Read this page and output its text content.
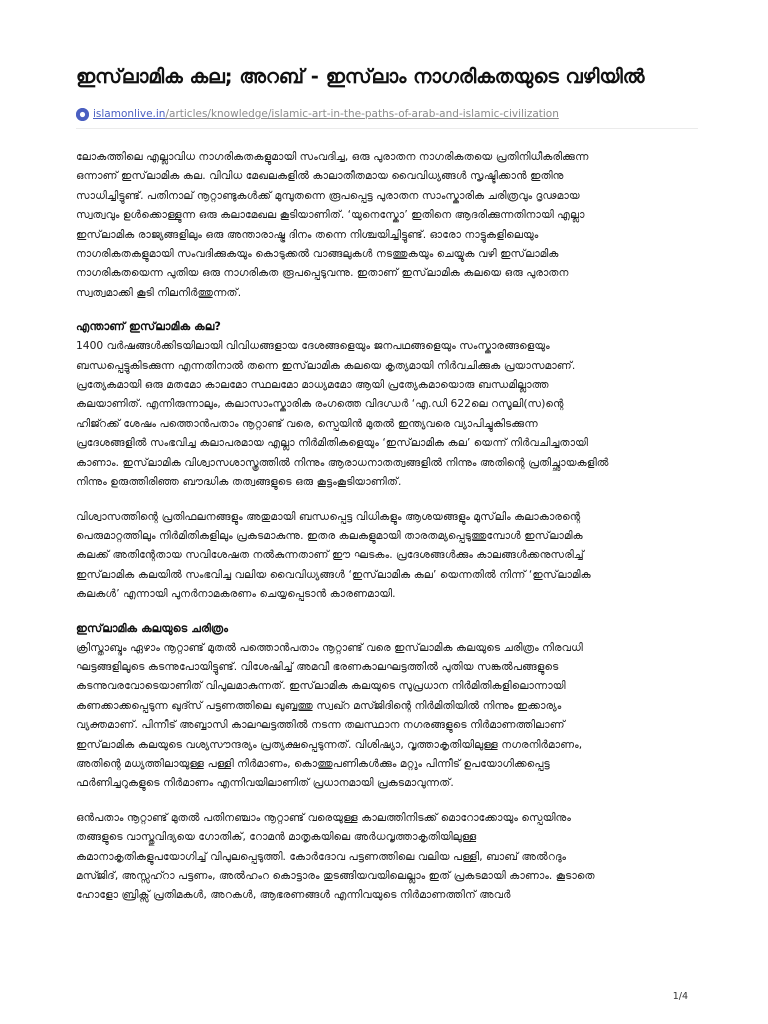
ഇസ്‌ലാമിക കല; അറബ് - ഇസ്‌ലാം നാഗരികതയുടെ വഴിയിൽ
islamonlive.in /articles/knowledge/islamic-art-in-the-paths-of-arab-and-islamic-civilization

ലോകത്തിലെ എല്ലാവിധ നാഗരികതകളുമായി സംവദിച്ച, ഒരു പുരാതന നാഗരികതയെ പ്രതിനിധീകരിക്കുന്ന
ഒന്നാണ് ഇസ്‌ലാമിക കല. വിവിധ മേഖലകളിൽ കാലാതീതമായ വൈവിധ്യങ്ങൾ സൃഷ്ടിക്കാൻ ഇതിനു
സാധിച്ചിട്ടുണ്ട്. പതിനാല് നൂറ്റാണ്ടുകൾക്ക് മുമ്പുതന്നെ രൂപപ്പെട്ട പുരാതന സാംസ്കാരിക ചരിത്രവും ദൃഢമായ
സ്വത്വവും ഉൾക്കൊള്ളുന്ന ഒരു കലാമേഖല കൂടിയാണിത്. ‘യുനെസ്കോ’ ഇതിനെ ആദരിക്കുന്നതിനായി എല്ലാ
ഇസ്‌ലാമിക രാജ്യങ്ങളിലും ഒരു അന്താരാഷ്ട്ര ദിനം തന്നെ നിശ്ചയിച്ചിട്ടുണ്ട്. ഓരോ നാട്ടുകളിലെയും
നാഗരികതകളുമായി സംവദിക്കുകയും കൊടുക്കൽ വാങ്ങലുകൾ നടത്തുകയും ചെയ്യുക വഴി ഇസ്‌ലാമിക
നാഗരികതയെന്ന പുതിയ ഒരു നാഗരികത രൂപപ്പെടുവന്നു. ഇതാണ് ഇസ്‌ലാമിക കലയെ ഒരു പുരാതന
സ്വത്വമാക്കി കൂടി നിലനിർത്തുന്നത്.

എന്താണ് ഇസ്‌ലാമിക കല?

1400 വർഷങ്ങൾക്കിടയിലായി വിവിധങ്ങളായ ദേശങ്ങളെയും ജനപഥങ്ങളെയും സംസ്കാരങ്ങളെയും
ബന്ധപ്പെട്ടുകിടക്കുന്ന എന്നതിനാൽ തന്നെ ഇസ്‌ലാമിക കലയെ കൃത്യമായി നിർവചിക്കുക പ്രയാസമാണ്.
പ്രത്യേകമായി ഒരു മതമോ കാലമോ സ്ഥലമോ മാധ്യമമോ ആയി പ്രത്യേകമായൊരു ബന്ധമില്ലാത്ത
കലയാണിത്. എന്നിരുന്നാലും, കലാസാംസ്കാരിക രംഗത്തെ വിദഗ്ധർ ‘എ.ഡി 622ലെ റസൂലി(സ)ന്റെ
ഹിജ്റക്ക് ശേഷം പത്തൊൻപതാം നൂറ്റാണ്ട് വരെ, സ്പെയിൻ മുതൽ ഇന്ത്യവരെ വ്യാപിച്ചുകിടക്കുന്ന
പ്രദേശങ്ങളിൽ സംഭവിച്ച കലാപരമായ എല്ലാ നിർമിതികളെയും ‘ഇസ്‌ലാമിക കല’ യെന്ന് നിർവചിച്ചതായി
കാണാം. ഇസ്‌ലാമിക വിശ്വാസശാസ്ത്രത്തിൽ നിന്നും ആരാധനാതത്വങ്ങളിൽ നിന്നും അതിന്റെ പ്രതിച്ഛായകളിൽ
നിന്നും ഉരുത്തിരിഞ്ഞ ബൗദ്ധിക തത്വങ്ങളുടെ ഒരു കൂട്ടംകൂടിയാണിത്.

വിശ്വാസത്തിന്റെ പ്രതിഫലനങ്ങളും അതുമായി ബന്ധപ്പെട്ട വിധികളും ആശയങ്ങളും മുസ്‌ലിം കലാകാരന്റെ
പെരുമാറ്റത്തിലും നിർമിതികളിലും പ്രകടമാകുന്നു. ഇതര കലകളുമായി താരതമ്യപ്പെടുത്തുമ്പോൾ ഇസ്‌ലാമിക
കലക്ക് അതിന്റേതായ സവിശേഷത നൽകുന്നതാണ് ഈ ഘടകം. പ്രദേശങ്ങൾക്കും കാലങ്ങൾക്കനുസരിച്ച്
ഇസ്‌ലാമിക കലയിൽ സംഭവിച്ച വലിയ വൈവിധ്യങ്ങൾ ‘ഇസ്‌ലാമിക കല’ യെന്നതിൽ നിന്ന് ‘ഇസ്‌ലാമിക
കലകൾ’ എന്നായി പുനർനാമകരണം ചെയ്യപ്പെടാൻ കാരണമായി.

ഇസ്‌ലാമിക കലയുടെ ചരിത്രം

ക്രിസ്താബ്ദം ഏഴാം നൂറ്റാണ്ട് മുതൽ പത്തൊൻപതാം നൂറ്റാണ്ട് വരെ ഇസ്‌ലാമിക കലയുടെ ചരിത്രം നിരവധി
ഘട്ടങ്ങളിലൂടെ കടന്നുപോയിട്ടുണ്ട്. വിശേഷിച്ച് അമവീ ഭരണകാലഘട്ടത്തിൽ പുതിയ സങ്കൽപങ്ങളുടെ
കടന്നുവരവോടെയാണിത് വിപുലമാകുന്നത്. ഇസ്‌ലാമിക കലയുടെ സുപ്രധാന നിർമിതികളിലൊന്നായി
കണക്കാക്കപ്പെടുന്ന ഖുദ്സ് പട്ടണത്തിലെ ഖുബ്ബത്തു സ്വഖ്റ മസ്ജിദിന്റെ നിർമിതിയിൽ നിന്നും ഇക്കാര്യം
വ്യക്തമാണ്. പിന്നീട് അബ്ബാസി കാലഘട്ടത്തിൽ നടന്ന തലസ്ഥാന നഗരങ്ങളുടെ നിർമാണത്തിലാണ്
ഇസ്‌ലാമിക കലയുടെ വശ്യസൗന്ദര്യം പ്രത്യക്ഷപ്പെടുന്നത്. വിശിഷ്യാ, വൃത്താകൃതിയിലുള്ള നഗരനിർമാണം,
അതിന്റെ മധ്യത്തിലായുള്ള പള്ളി നിർമാണം, കൊത്തുപണികൾക്കും മറ്റും പിന്നീട് ഉപയോഗിക്കപ്പെട്ട
ഫർണിച്ചറുകളുടെ നിർമാണം എന്നിവയിലാണിത് പ്രധാനമായി പ്രകടമാവുന്നത്.

ഒൻപതാം നൂറ്റാണ്ട് മുതൽ പതിനഞ്ചാം നൂറ്റാണ്ട് വരെയുള്ള കാലത്തിനിടക്ക് മൊറോക്കോയും സ്പെയിനും
തങ്ങളുടെ വാസ്തുവിദ്യയെ ഗോതിക്, റോമൻ മാതൃകയിലെ അർധവൃത്താകൃതിയിലുള്ള
കമാനാകൃതികളുപയോഗിച്ച് വിപുലപ്പെടുത്തി. കോർദോവ പട്ടണത്തിലെ വലിയ പള്ളി, ബാബ് അൽറദും
മസ്ജിദ്, അസ്സഹ്റാ പട്ടണം, അൽഹംറ കൊട്ടാരം തുടങ്ങിയവയിലെല്ലാം ഇത് പ്രകടമായി കാണാം. കൂടാതെ
ഹോളോ ബ്രിക്സ് പ്രതിമകൾ, അറകൾ, ആഭരണങ്ങൾ എന്നിവയുടെ നിർമാണത്തിന് അവർ

1/4
